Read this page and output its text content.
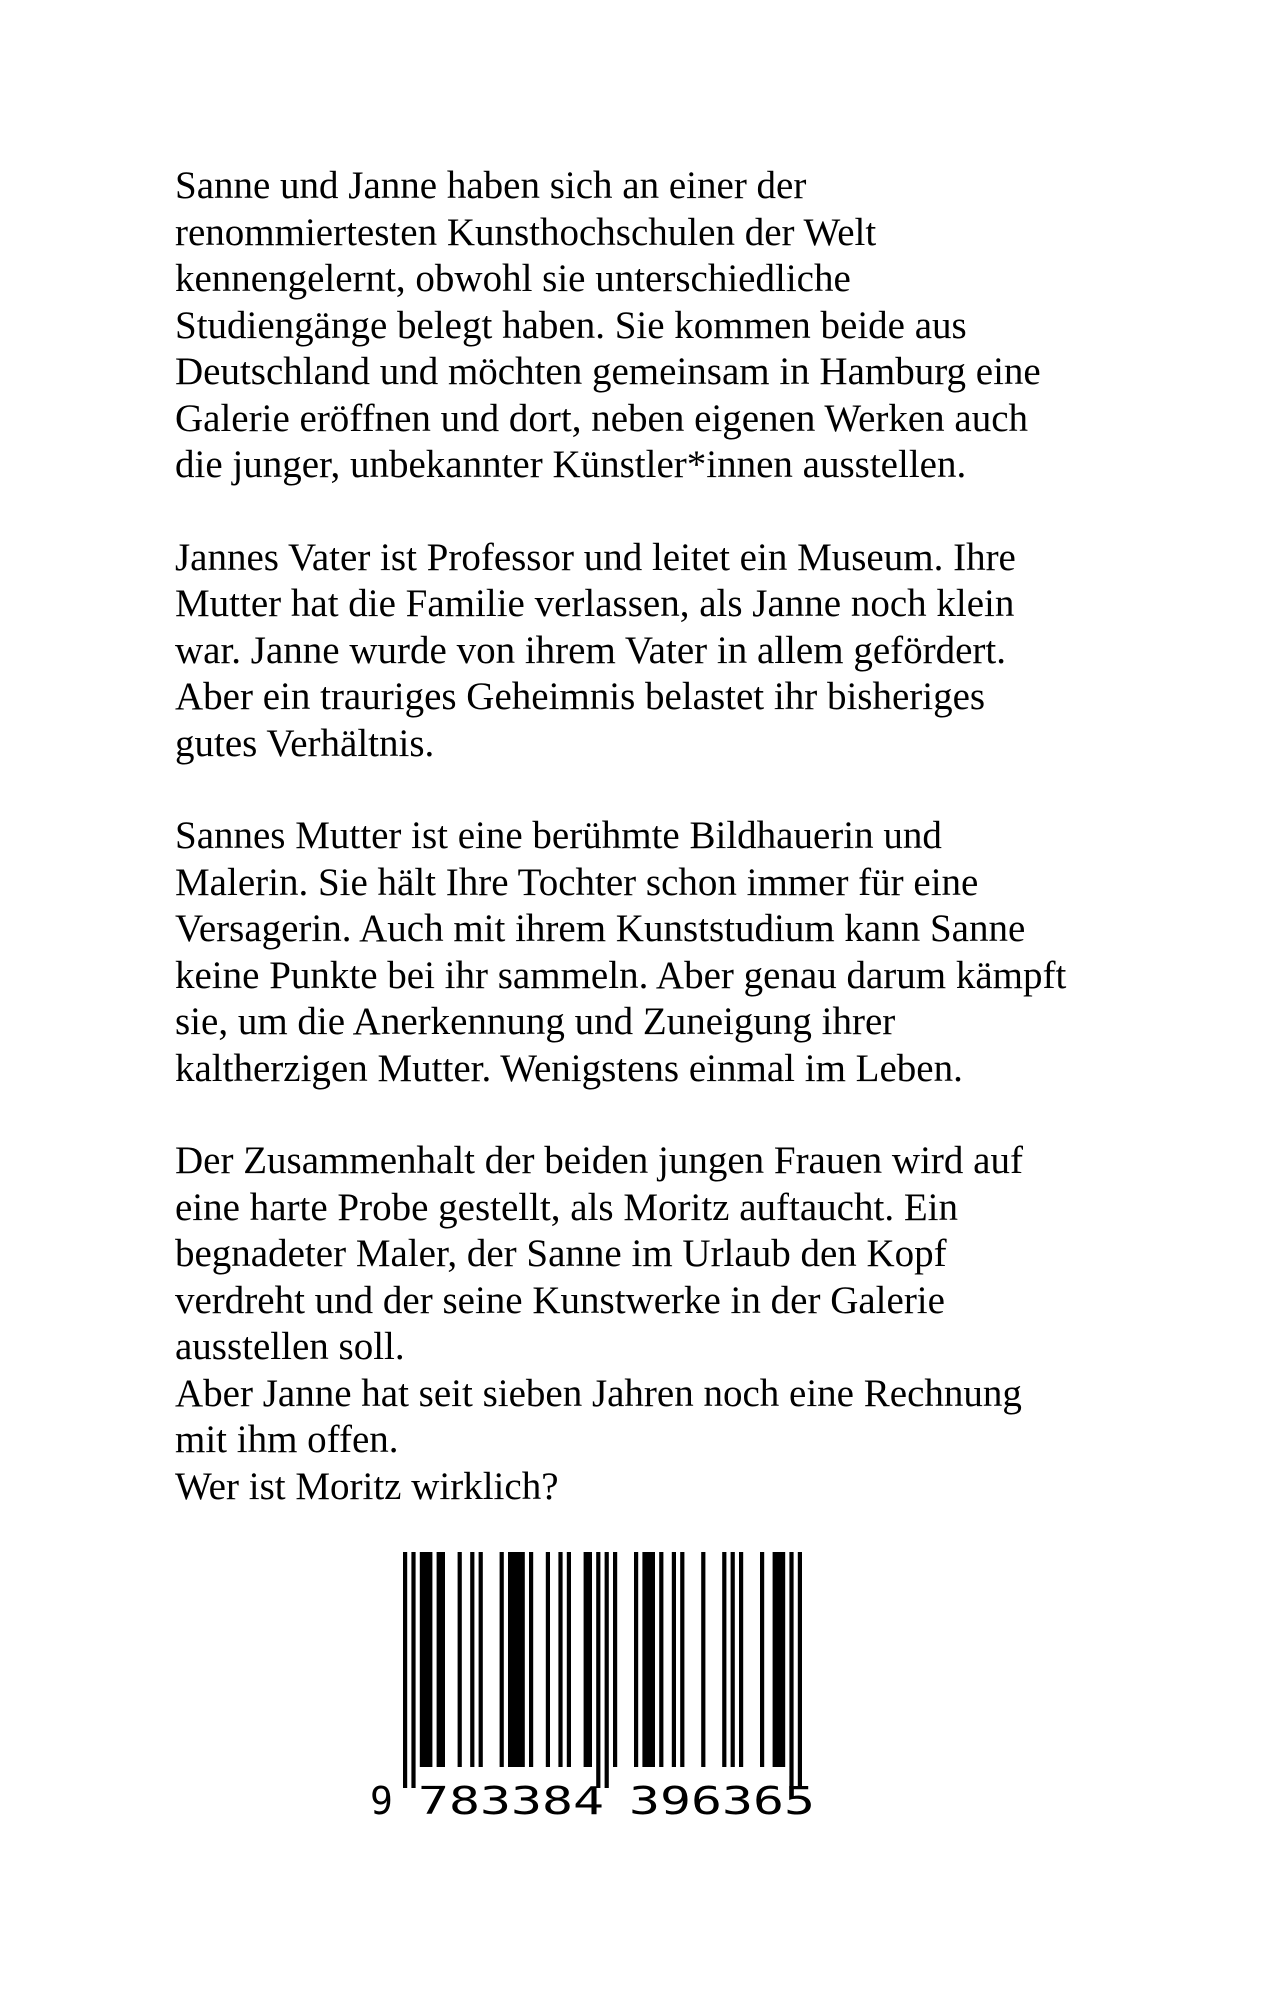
Sanne und Janne haben sich an einer der
renommiertesten Kunsthochschulen der Welt
kennengelernt, obwohl sie unterschiedliche
Studiengänge belegt haben. Sie kommen beide aus
Deutschland und möchten gemeinsam in Hamburg eine
Galerie eröffnen und dort, neben eigenen Werken auch
die junger, unbekannter Künstler*innen ausstellen.

Jannes Vater ist Professor und leitet ein Museum. Ihre
Mutter hat die Familie verlassen, als Janne noch klein
war. Janne wurde von ihrem Vater in allem gefördert.
Aber ein trauriges Geheimnis belastet ihr bisheriges
gutes Verhältnis.

Sannes Mutter ist eine berühmte Bildhauerin und
Malerin. Sie hält Ihre Tochter schon immer für eine
Versagerin. Auch mit ihrem Kunststudium kann Sanne
keine Punkte bei ihr sammeln. Aber genau darum kämpft
sie, um die Anerkennung und Zuneigung ihrer
kaltherzigen Mutter. Wenigstens einmal im Leben.

Der Zusammenhalt der beiden jungen Frauen wird auf
eine harte Probe gestellt, als Moritz auftaucht. Ein
begnadeter Maler, der Sanne im Urlaub den Kopf
verdreht und der seine Kunstwerke in der Galerie
ausstellen soll.

Aber Janne hat seit sieben Jahren noch eine Rechnung
mit ihm offen.

Wer ist Moritz wirklich?

9 783384 396365
